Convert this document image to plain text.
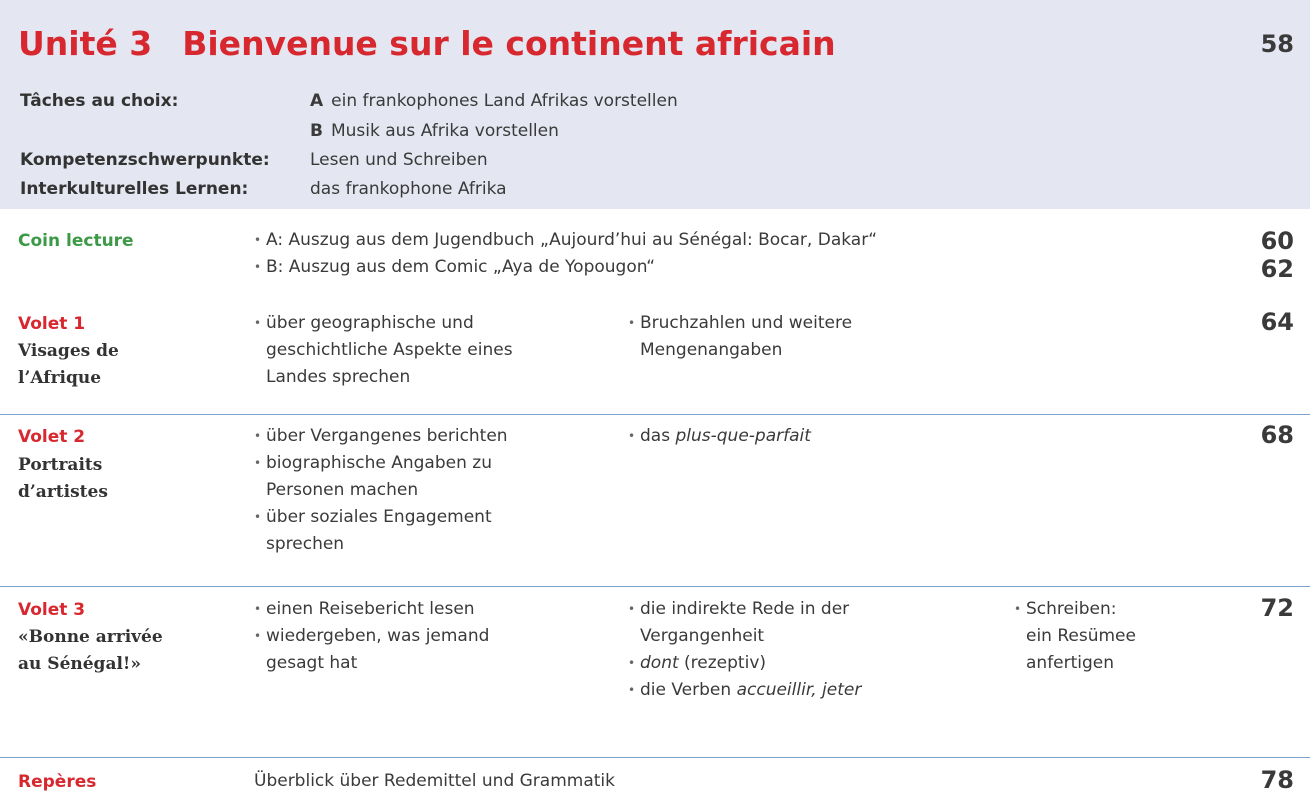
Unité 3 Bienvenue sur le continent africain	58
Tâches au choix:	A ein frankophones Land Afrikas vorstellen
B Musik aus Afrika vorstellen
Kompetenzschwerpunkte: Lesen und Schreiben
Interkulturelles Lernen:	das frankophone Afrika
Coin lecture
•	A: Auszug aus dem Jugendbuch „Aujourd’hui au Sénégal: Bocar, Dakar“
• B: Auszug aus dem Comic „Aya de Yopougon“
60
62
Volet 1
Visages de
l’Afrique
• über geographische und
geschichtliche Aspekte eines
Landes sprechen
• Bruchzahlen und weitere
Mengenangaben
64
Volet 2
Portraits
d’artistes
• über Vergangenes berichten
• biographische Angaben zu
Personen machen
• über soziales Engagement
sprechen
• das plus-que-parfait	68
Volet 3
«Bonne arrivée
au Sénégal!»
• einen Reisebericht lesen
• wiedergeben, was jemand
gesagt hat
• die indirekte Rede in der
Vergangenheit
• dont (rezeptiv)
• die Verben accueillir, jeter
• Schreiben:
ein Resümee
anfertigen
72
Repères	Überblick über Redemittel und Grammatik	78
